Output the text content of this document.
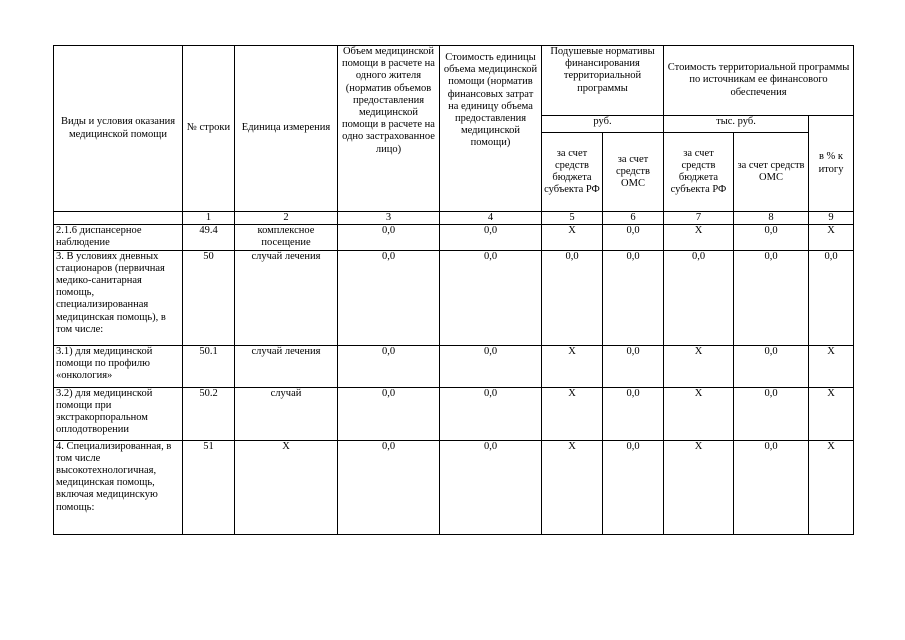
Виды и условия оказания медицинской помощи	№ строки	Единица измерения	Объем медицинской помощи в расчете на одного жителя (норматив объемов предоставления медицинской помощи в расчете на одно застрахованное лицо)	Стоимость единицы объема медицинской помощи (норматив финансовых затрат на единицу объема предоставления медицинской помощи)	Подушевые нормативы финансирования территориальной программы		Стоимость территориальной программы по источникам ее финансового обеспечения		
					руб.		тыс. руб.		в % к итогу
					за счет средств бюджета субъекта РФ	за счет средств ОМС	за счет средств бюджета субъекта РФ	за счет средств ОМС	
	1	2	3	4	5	6	7	8	9
2.1.6 диспансерное наблюдение	49.4	комплексное посещение	0,0	0,0	Х	0,0	Х	0,0	Х
3. В условиях дневных стационаров (первичная медико-санитарная помощь, специализированная медицинская помощь), в том числе:	50	случай лечения	0,0	0,0	0,0	0,0	0,0	0,0	0,0
3.1) для медицинской помощи по профилю «онкология»	50.1	случай лечения	0,0	0,0	Х	0,0	Х	0,0	Х
3.2) для медицинской помощи при экстракорпоральном оплодотворении	50.2	случай	0,0	0,0	Х	0,0	Х	0,0	Х
4. Специализированная, в том числе высокотехнологичная, медицинская помощь, включая медицинскую помощь:	51	Х	0,0	0,0	Х	0,0	Х	0,0	Х
